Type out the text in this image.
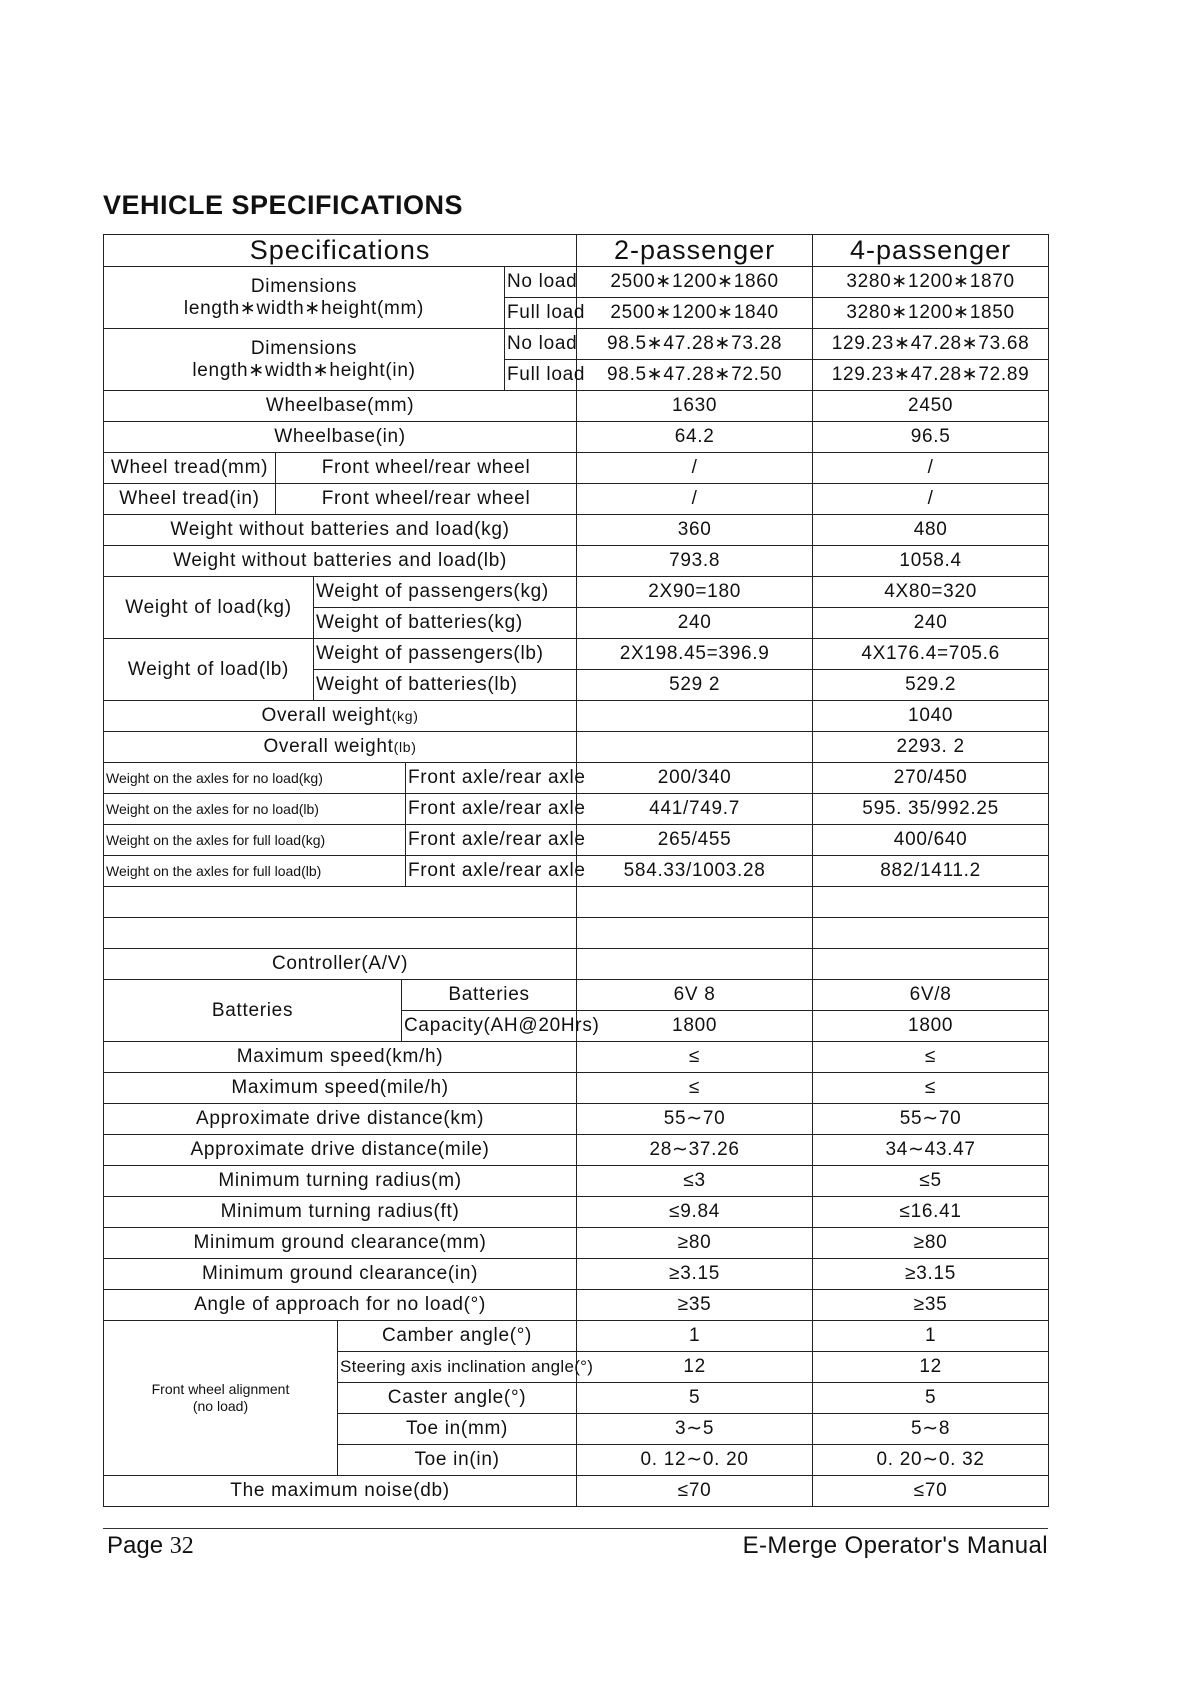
VEHICLE SPECIFICATIONS
Specifications							2-passenger	4-passenger

Dimensions
length∗width∗height(mm)						No load	2500∗1200∗1860	3280∗1200∗1870
						Full load	2500∗1200∗1840	3280∗1200∗1850

Dimensions
length∗width∗height(in)						No load	98.5∗47.28∗73.28	129.23∗47.28∗73.68
						Full load	98.5∗47.28∗72.50	129.23∗47.28∗72.89
Wheelbase(mm)							1630	2450
Wheelbase(in)							64.2	96.5
Wheel tread(mm)	Front wheel/rear wheel						/	/
Wheel tread(in)	Front wheel/rear wheel						/	/
Weight without batteries and load(kg)							360	480
Weight without batteries and load(lb)							793.8	1058.4
Weight of load(kg)		Weight of passengers(kg)					2X90=180	4X80=320
		Weight of batteries(kg)					240	240
Weight of load(lb)		Weight of passengers(lb)					2X198.45=396.9	4X176.4=705.6
		Weight of batteries(lb)					529 2	529.2
Overall weight(kg)								1040
Overall weight(lb)								2293. 2
Weight on the axles for no load(kg)					Front axle/rear axle		200/340	270/450
Weight on the axles for no load(lb)					Front axle/rear axle		441/749.7	595. 35/992.25
Weight on the axles for full load(kg)					Front axle/rear axle		265/455	400/640
Weight on the axles for full load(lb)					Front axle/rear axle		584.33/1003.28	882/1411.2

Controller(A/V)								
Batteries				Batteries			6V 8	6V/8
				Capacity(AH@20Hrs)			1800	1800
Maximum speed(km/h)							≤	≤
Maximum speed(mile/h)							≤	≤
Approximate drive distance(km)							55∼70	55∼70
Approximate drive distance(mile)							28∼37.26	34∼43.47
Minimum turning radius(m)							≤3	≤5
Minimum turning radius(ft)							≤9.84	≤16.41
Minimum ground clearance(mm)							≥80	≥80
Minimum ground clearance(in)							≥3.15	≥3.15
Angle of approach for no load(°)							≥35	≥35

Front wheel alignment
(no load)			Camber angle(°)				1	1
			Steering axis inclination angle(°)				12	12
			Caster angle(°)				5	5
			Toe in(mm)				3∼5	5∼8
			Toe in(in)				0. 12∼0. 20	0. 20∼0. 32
The maximum noise(db)							≤70	≤70
Page 32	E-Merge Operator's Manual
